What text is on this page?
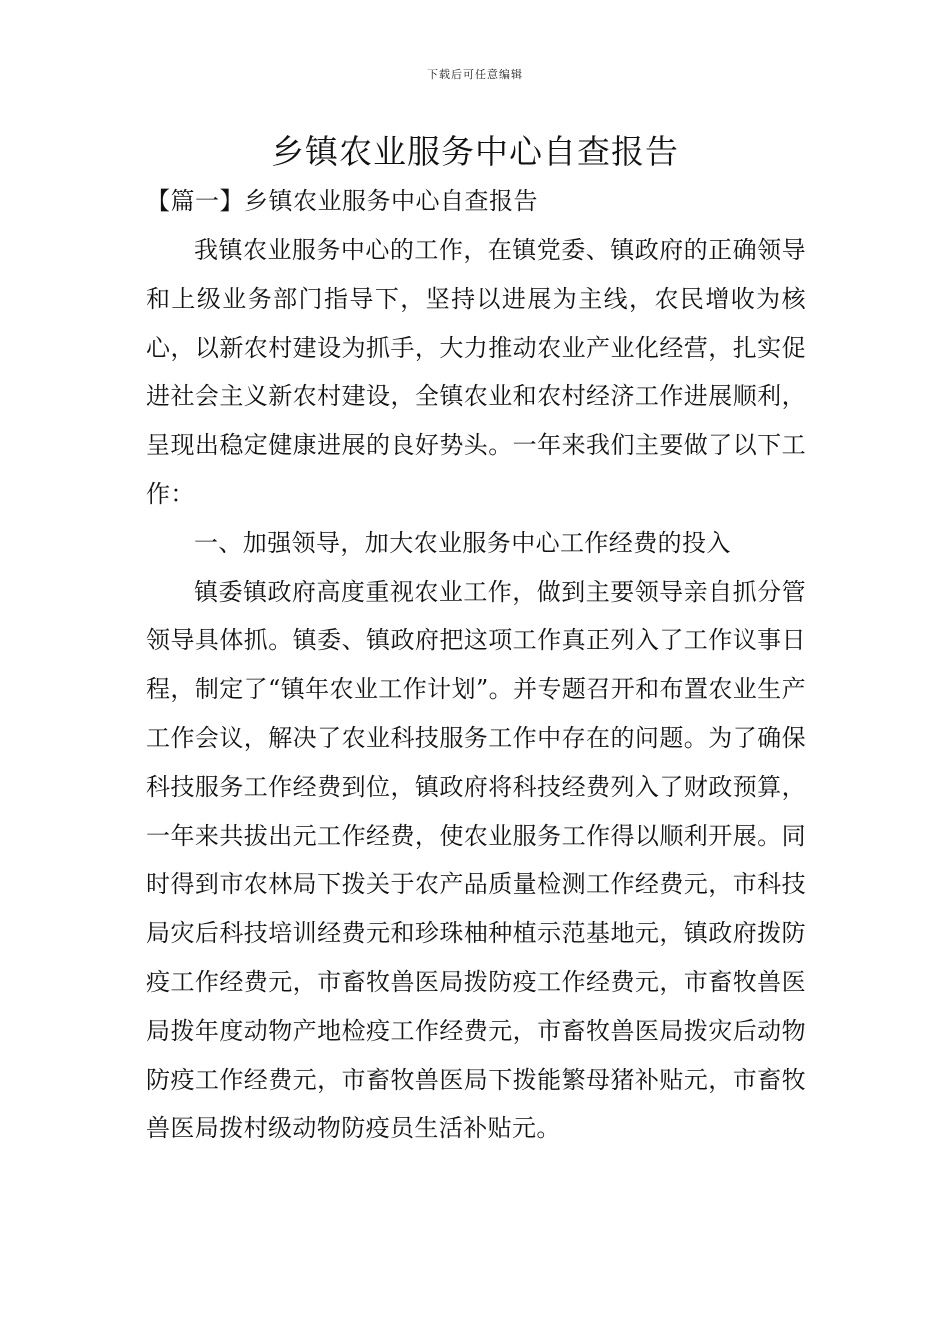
下载后可任意编辑
乡镇农业服务中心自查报告
【篇一】乡镇农业服务中心自查报告

我镇农业服务中心的工作，在镇党委、镇政府的正确领导和上级业务部门指导下，坚持以进展为主线，农民增收为核心，以新农村建设为抓手，大力推动农业产业化经营，扎实促进社会主义新农村建设，全镇农业和农村经济工作进展顺利，呈现出稳定健康进展的良好势头。一年来我们主要做了以下工作：

一、加强领导，加大农业服务中心工作经费的投入

镇委镇政府高度重视农业工作，做到主要领导亲自抓分管领导具体抓。镇委、镇政府把这项工作真正列入了工作议事日程，制定了“镇年农业工作计划”。并专题召开和布置农业生产工作会议，解决了农业科技服务工作中存在的问题。为了确保科技服务工作经费到位，镇政府将科技经费列入了财政预算，一年来共拔出元工作经费，使农业服务工作得以顺利开展。同时得到市农林局下拨关于农产品质量检测工作经费元，市科技局灾后科技培训经费元和珍珠柚种植示范基地元，镇政府拨防疫工作经费元，市畜牧兽医局拨防疫工作经费元，市畜牧兽医局拨年度动物产地检疫工作经费元，市畜牧兽医局拨灾后动物防疫工作经费元，市畜牧兽医局下拨能繁母猪补贴元，市畜牧兽医局拨村级动物防疫员生活补贴元。
